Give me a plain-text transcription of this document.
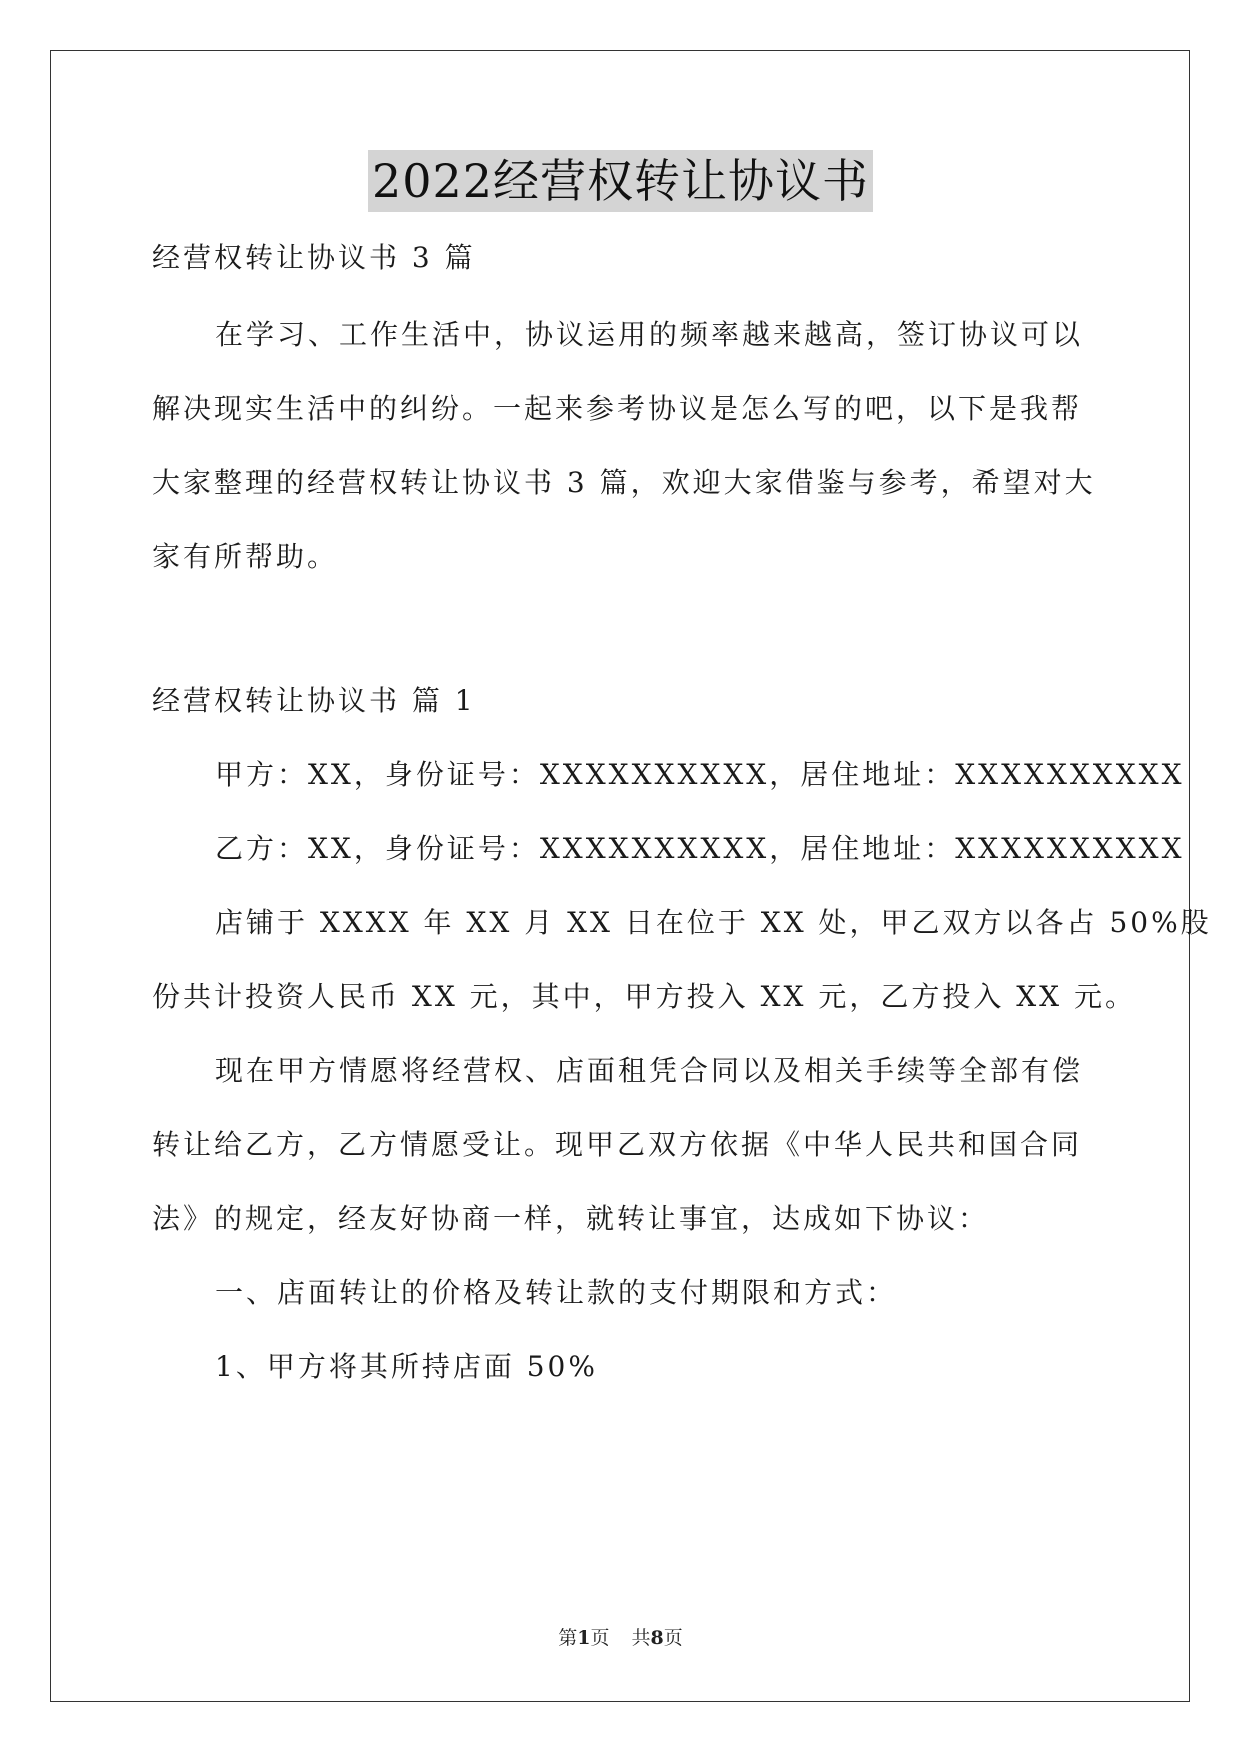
2022经营权转让协议书
经营权转让协议书 3 篇
在学习、工作生活中，协议运用的频率越来越高，签订协议可以
解决现实生活中的纠纷。一起来参考协议是怎么写的吧，以下是我帮
大家整理的经营权转让协议书 3 篇，欢迎大家借鉴与参考，希望对大
家有所帮助。
经营权转让协议书 篇 1
甲方：XX，身份证号：XXXXXXXXXX，居住地址：XXXXXXXXXX
乙方：XX，身份证号：XXXXXXXXXX，居住地址：XXXXXXXXXX
店铺于 XXXX 年 XX 月 XX 日在位于 XX 处，甲乙双方以各占 50%股
份共计投资人民币 XX 元，其中，甲方投入 XX 元，乙方投入 XX 元。
现在甲方情愿将经营权、店面租凭合同以及相关手续等全部有偿
转让给乙方，乙方情愿受让。现甲乙双方依据《中华人民共和国合同
法》的规定，经友好协商一样，就转让事宜，达成如下协议：
一、店面转让的价格及转让款的支付期限和方式：
1、甲方将其所持店面 50%
第1页 共8页
